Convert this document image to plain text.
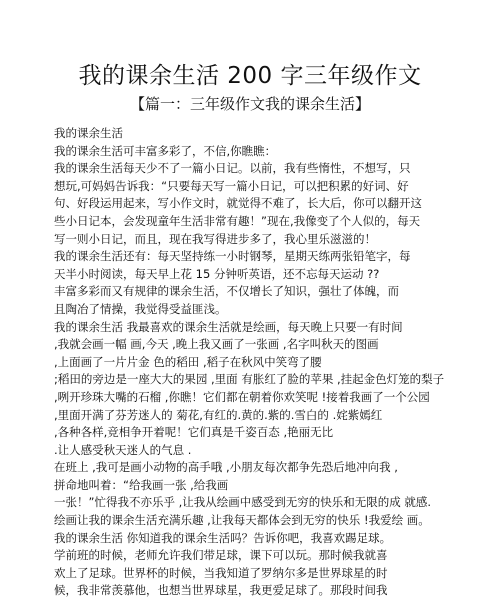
我的课余生活 200 字三年级作文
【篇一：三年级作文我的课余生活】
我的课余生活
我的课余生活可丰富多彩了，不信,你瞧瞧：
我的课余生活每天少不了一篇小日记。以前，我有些惰性，不想写，只
想玩,可妈妈告诉我：“只要每天写一篇小日记，可以把积累的好词、好
句、好段运用起来，写小作文时，就觉得不难了，长大后，你可以翻开这
些小日记本，会发现童年生活非常有趣！”现在,我像变了个人似的，每天
写一则小日记，而且，现在我写得进步多了，我心里乐滋滋的！
我的课余生活还有：每天坚持练一小时钢琴，星期天练两张铅笔字，每
天半小时阅读，每天早上花 15 分钟听英语，还不忘每天运动 ??
丰富多彩而又有规律的课余生活，不仅增长了知识，强壮了体魄，而
且陶冶了情操，我觉得受益匪浅。
我的课余生活 我最喜欢的课余生活就是绘画，每天晚上只要一有时间
,我就会画一幅 画,今天 ,晚上我又画了一张画 ,名字叫秋天的图画
,上面画了一片片金 色的稻田 ,稻子在秋风中笑弯了腰
;稻田的旁边是一座大大的果园 ,里面 有胀红了脸的苹果 ,挂起金色灯笼的梨子
,咧开珍珠大嘴的石榴 ,你瞧！它们都在朝着你欢笑呢 !接着我画了一个公园
,里面开满了芬芳迷人的 菊花,有红的.黄的.紫的.雪白的 .姹紫嫣红
,各种各样,竞相争开着呢！它们真是千姿百态 ,艳丽无比
.让人感受秋天迷人的气息 .
在班上 ,我可是画小动物的高手哦 ,小朋友每次都争先恐后地冲向我 ,
拼命地叫着：“给我画一张 ,给我画
一张！”忙得我不亦乐乎 ,让我从绘画中感受到无穷的快乐和无限的成 就感.
绘画让我的课余生活充满乐趣 ,让我每天都体会到无穷的快乐 !我爱绘 画。
我的课余生活 你知道我的课余生活吗？告诉你吧，我喜欢踢足球。
学前班的时候，老师允许我们带足球，课下可以玩。那时候我就喜
欢上了足球。世界杯的时候，当我知道了罗纳尔多是世界球星的时
候，我非常羡慕他，也想当世界球星，我更爱足球了。那段时间我
